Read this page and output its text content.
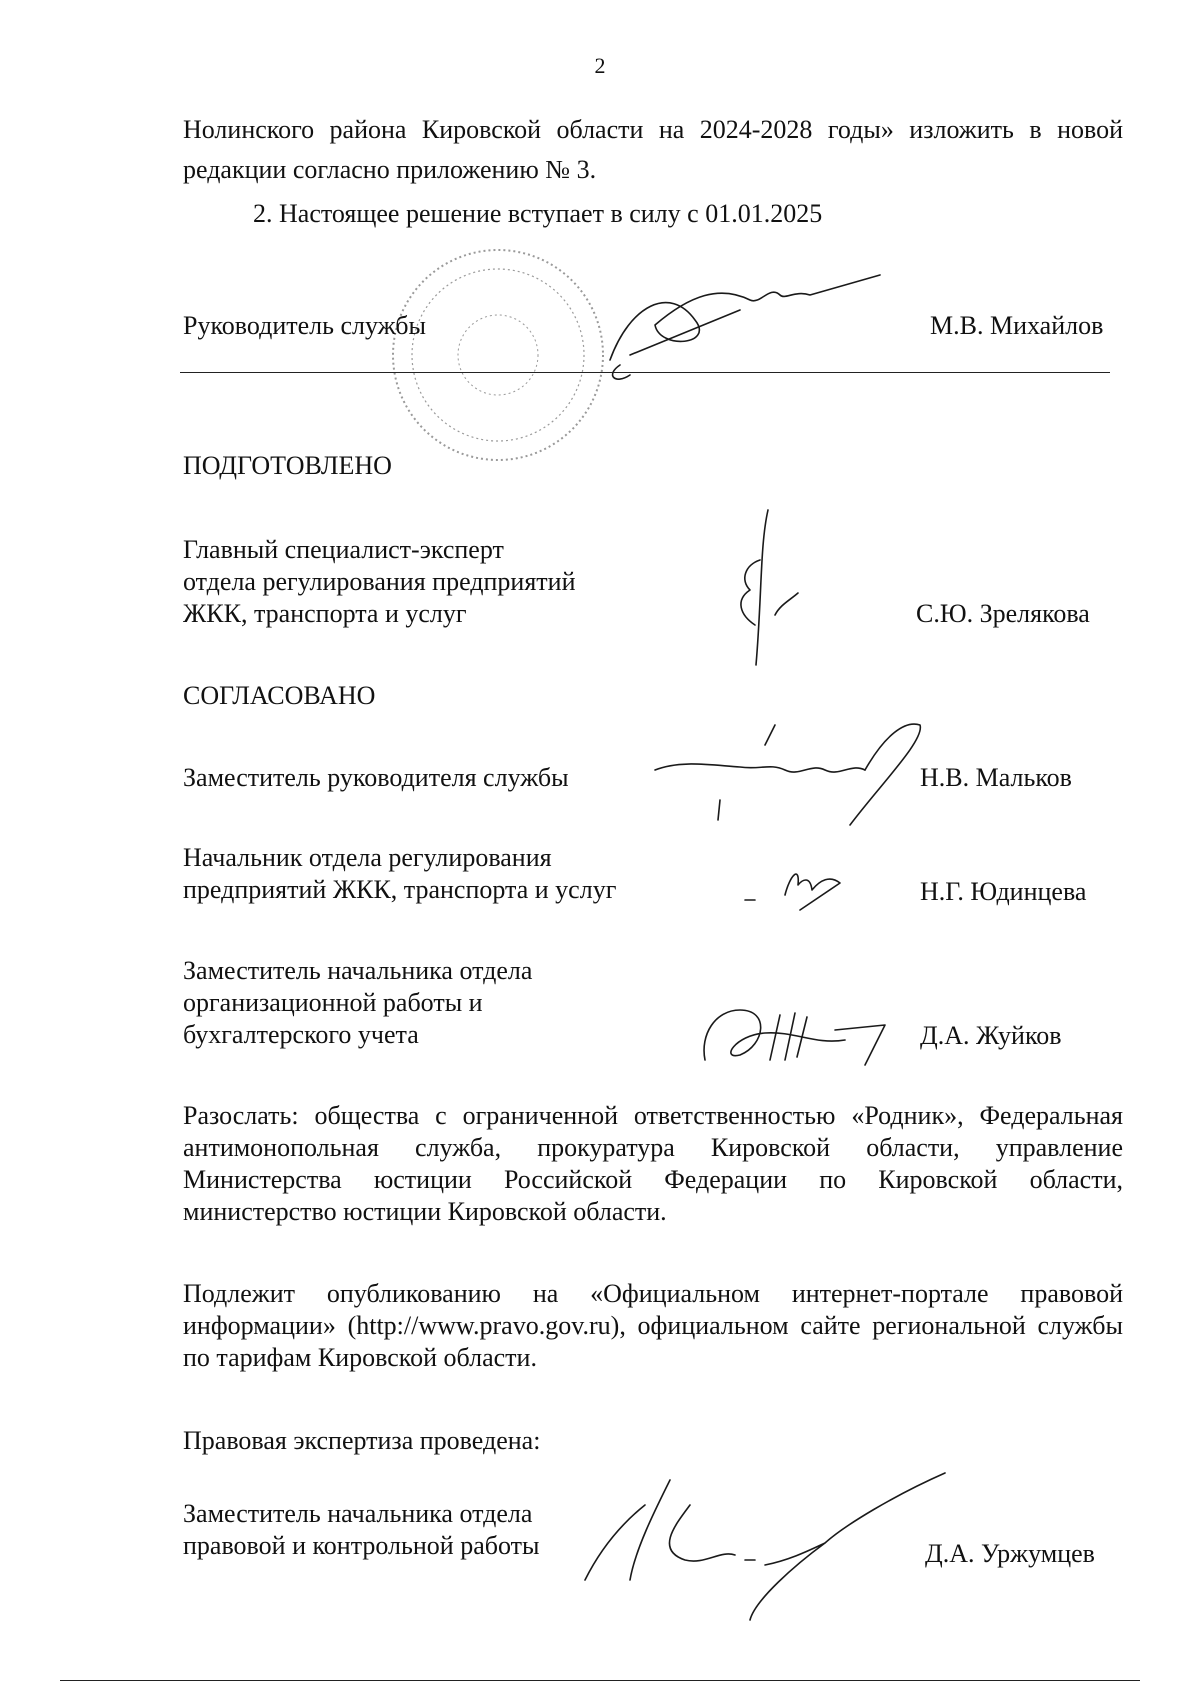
2
Нолинского района Кировской области на 2024-2028 годы» изложить в новой редакции согласно приложению № 3.
2. Настоящее решение вступает в силу с 01.01.2025
Руководитель службы	М.В. Михайлов
ПОДГОТОВЛЕНО
Главный специалист-эксперт
отдела регулирования предприятий
ЖКК, транспорта и услуг	С.Ю. Зрелякова
СОГЛАСОВАНО
Заместитель руководителя службы	Н.В. Мальков
Начальник отдела регулирования
предприятий ЖКК, транспорта и услуг	Н.Г. Юдинцева
Заместитель начальника отдела
организационной работы и
бухгалтерского учета	Д.А. Жуйков
Разослать: общества с ограниченной ответственностью «Родник», Федеральная антимонопольная служба, прокуратура Кировской области, управление Министерства юстиции Российской Федерации по Кировской области, министерство юстиции Кировской области.
Подлежит опубликованию на «Официальном интернет-портале правовой информации» (http://www.pravo.gov.ru), официальном сайте региональной службы по тарифам Кировской области.
Правовая экспертиза проведена:
Заместитель начальника отдела
правовой и контрольной работы	Д.А. Уржумцев
